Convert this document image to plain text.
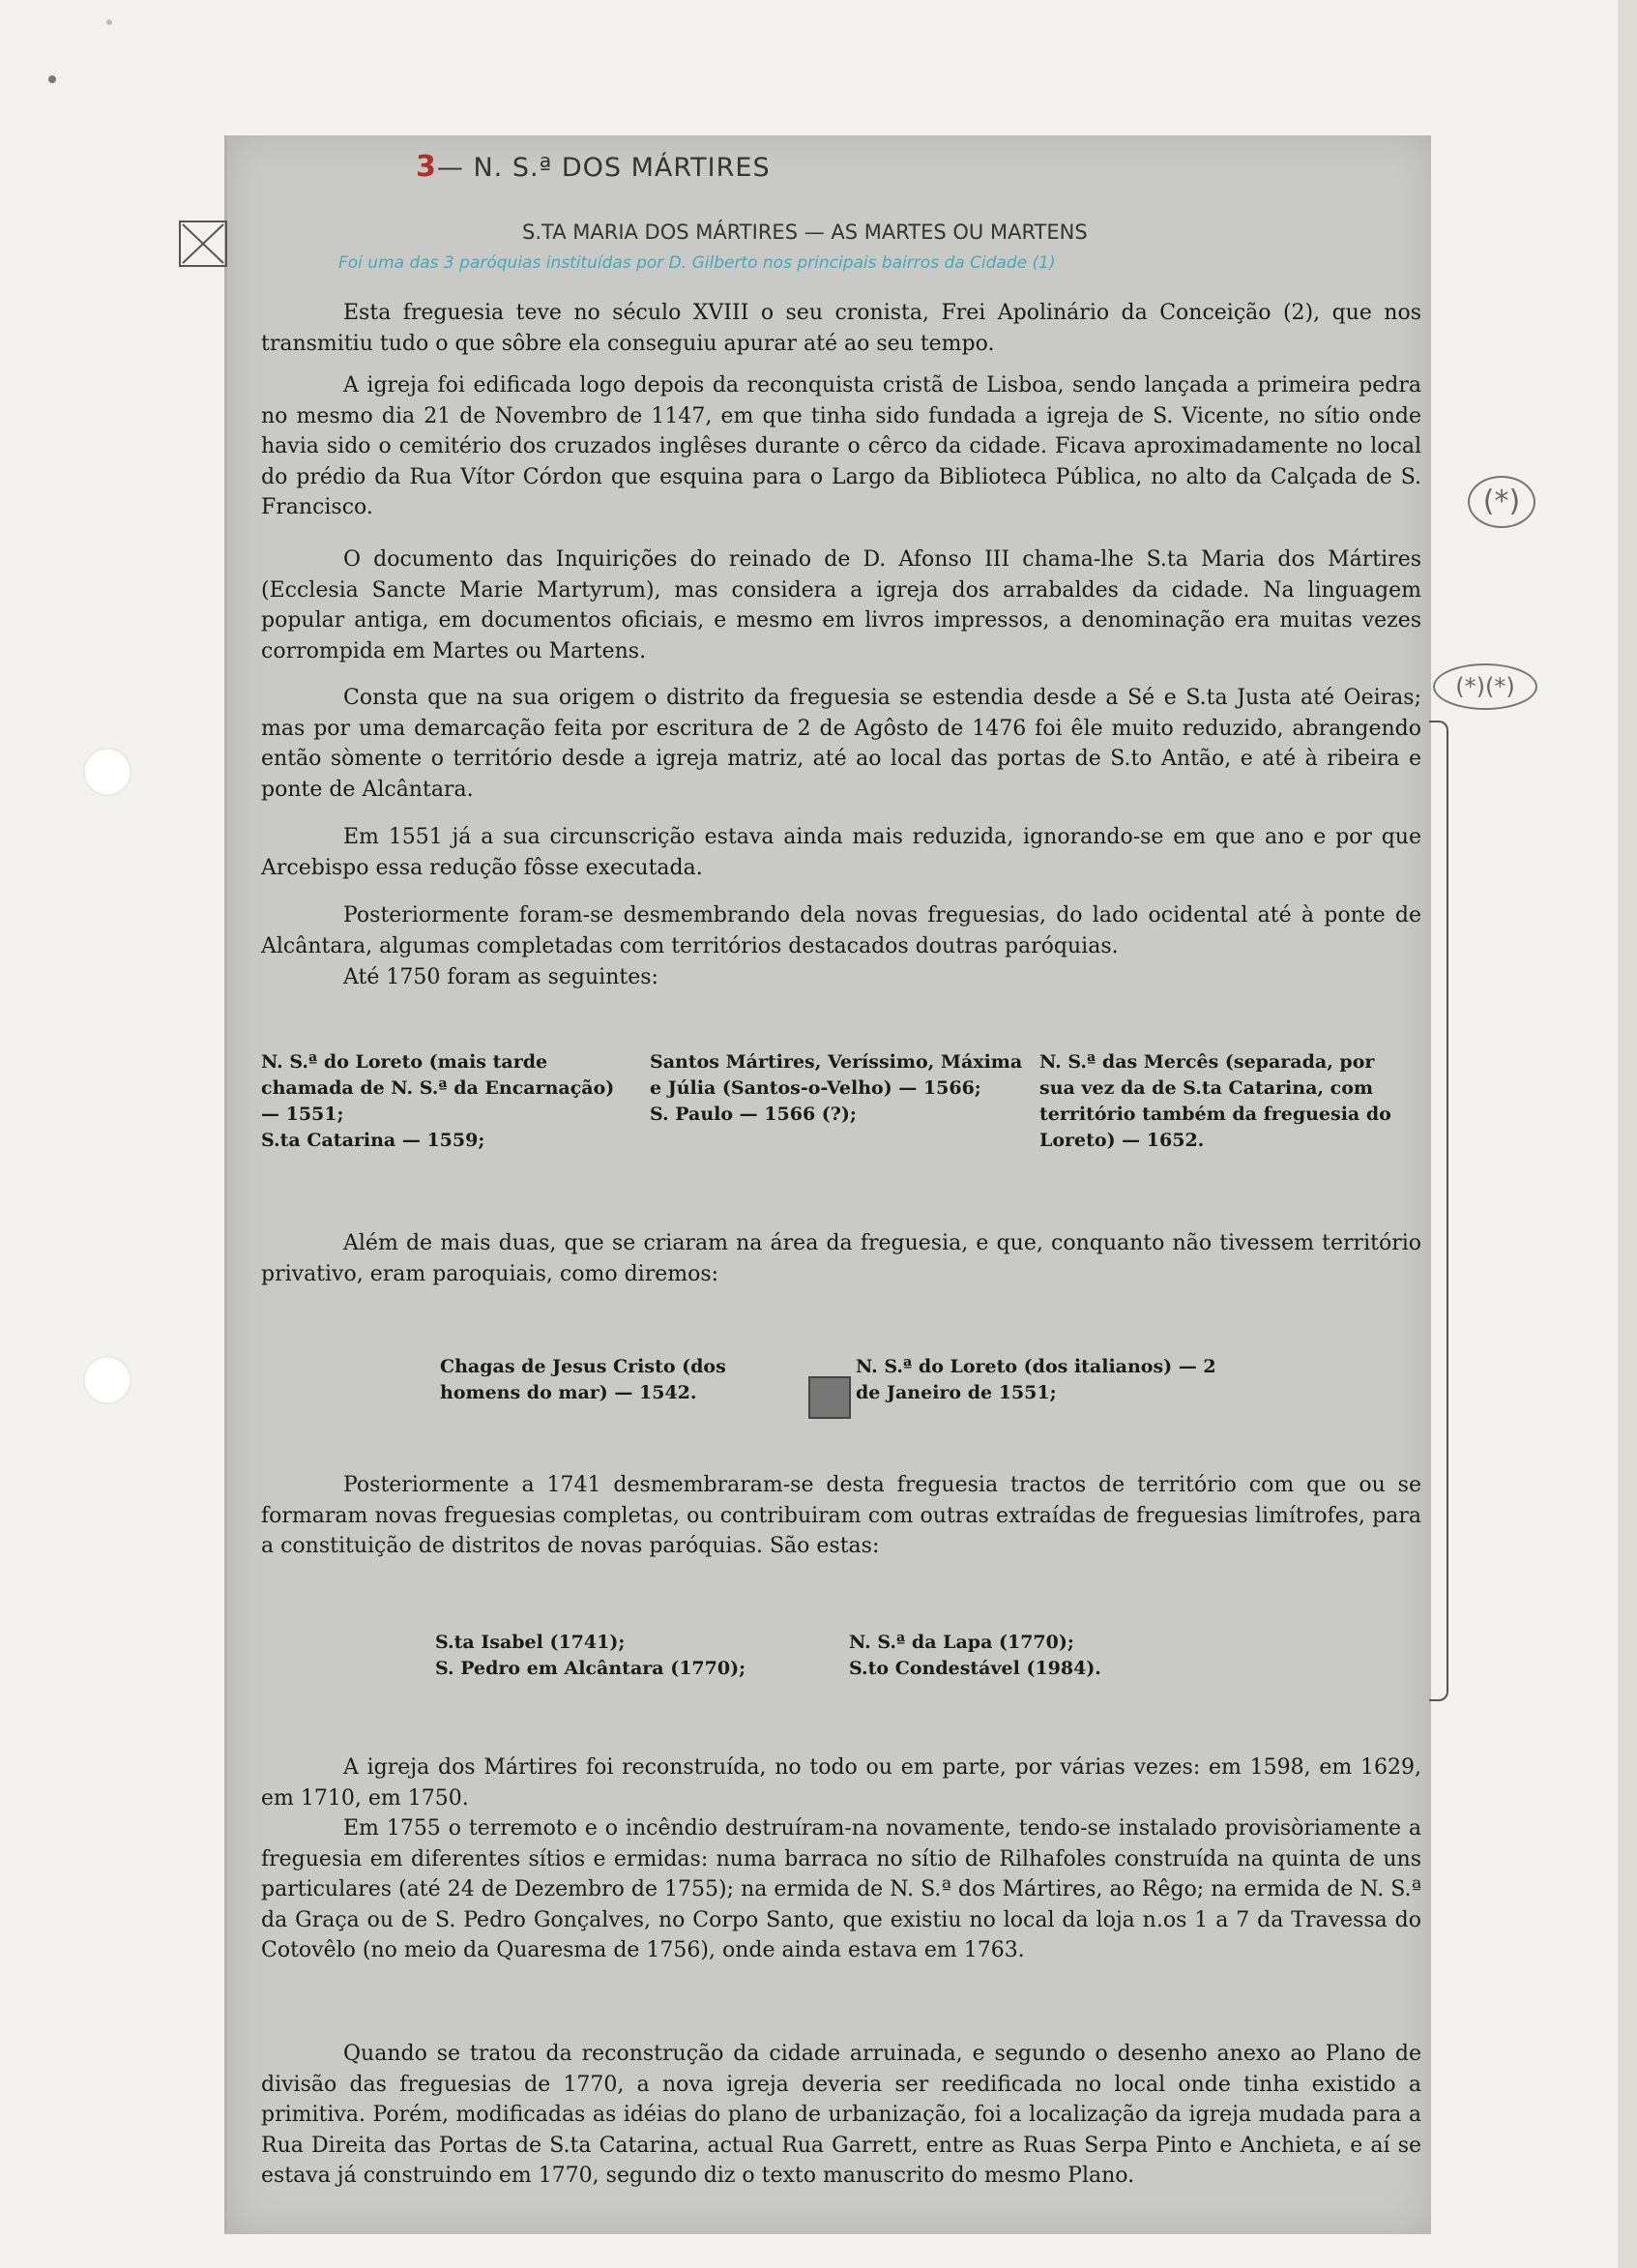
3— N. S.ª DOS MÁRTIRES
S.TA MARIA DOS MÁRTIRES — AS MARTES OU MARTENS
Foi uma das 3 paróquias instituídas por D. Gilberto nos principais bairros da Cidade (1)
(*)
(*)(*)
Esta freguesia teve no século XVIII o seu cronista, Frei Apolinário da Conceição (2), que nos transmitiu tudo o que sôbre ela conseguiu apurar até ao seu tempo.
A igreja foi edificada logo depois da reconquista cristã de Lisboa, sendo lançada a primeira pedra no mesmo dia 21 de Novembro de 1147, em que tinha sido fundada a igreja de S. Vicente, no sítio onde havia sido o cemitério dos cruzados inglêses durante o cêrco da cidade. Ficava aproximadamente no local do prédio da Rua Vítor Córdon que esquina para o Largo da Biblioteca Pública, no alto da Calçada de S. Francisco.
O documento das Inquirições do reinado de D. Afonso III chama-lhe S.ta Maria dos Mártires (Ecclesia Sancte Marie Martyrum), mas considera a igreja dos arrabaldes da cidade. Na linguagem popular antiga, em documentos oficiais, e mesmo em livros impressos, a denominação era muitas vezes corrompida em Martes ou Martens.
Consta que na sua origem o distrito da freguesia se estendia desde a Sé e S.ta Justa até Oeiras; mas por uma demarcação feita por escritura de 2 de Agôsto de 1476 foi êle muito reduzido, abrangendo então sòmente o território desde a igreja matriz, até ao local das portas de S.to Antão, e até à ribeira e ponte de Alcântara.
Em 1551 já a sua circunscrição estava ainda mais reduzida, ignorando-se em que ano e por que Arcebispo essa redução fôsse executada.
Posteriormente foram-se desmembrando dela novas freguesias, do lado ocidental até à ponte de Alcântara, algumas completadas com territórios destacados doutras paróquias.
Até 1750 foram as seguintes:
N. S.ª do Loreto (mais tarde chamada de N. S.ª da Encarnação) — 1551;
S.ta Catarina — 1559;
Santos Mártires, Veríssimo, Máxima e Júlia (Santos-o-Velho) — 1566;
S. Paulo — 1566 (?);
N. S.ª das Mercês (separada, por sua vez da de S.ta Catarina, com território também da freguesia do Loreto) — 1652.
Além de mais duas, que se criaram na área da freguesia, e que, conquanto não tivessem território privativo, eram paroquiais, como diremos:
Chagas de Jesus Cristo (dos homens do mar) — 1542.
N. S.ª do Loreto (dos italianos) — 2 de Janeiro de 1551;
Posteriormente a 1741 desmembraram-se desta freguesia tractos de território com que ou se formaram novas freguesias completas, ou contribuiram com outras extraídas de freguesias limítrofes, para a constituição de distritos de novas paróquias. São estas:
S.ta Isabel (1741);
S. Pedro em Alcântara (1770);
N. S.ª da Lapa (1770);
S.to Condestável (1984).
A igreja dos Mártires foi reconstruída, no todo ou em parte, por várias vezes: em 1598, em 1629, em 1710, em 1750.
Em 1755 o terremoto e o incêndio destruíram-na novamente, tendo-se instalado provisòriamente a freguesia em diferentes sítios e ermidas: numa barraca no sítio de Rilhafoles construída na quinta de uns particulares (até 24 de Dezembro de 1755); na ermida de N. S.ª dos Mártires, ao Rêgo; na ermida de N. S.ª da Graça ou de S. Pedro Gonçalves, no Corpo Santo, que existiu no local da loja n.os 1 a 7 da Travessa do Cotovêlo (no meio da Quaresma de 1756), onde ainda estava em 1763.
Quando se tratou da reconstrução da cidade arruinada, e segundo o desenho anexo ao Plano de divisão das freguesias de 1770, a nova igreja deveria ser reedificada no local onde tinha existido a primitiva. Porém, modificadas as idéias do plano de urbanização, foi a localização da igreja mudada para a Rua Direita das Portas de S.ta Catarina, actual Rua Garrett, entre as Ruas Serpa Pinto e Anchieta, e aí se estava já construindo em 1770, segundo diz o texto manuscrito do mesmo Plano.
